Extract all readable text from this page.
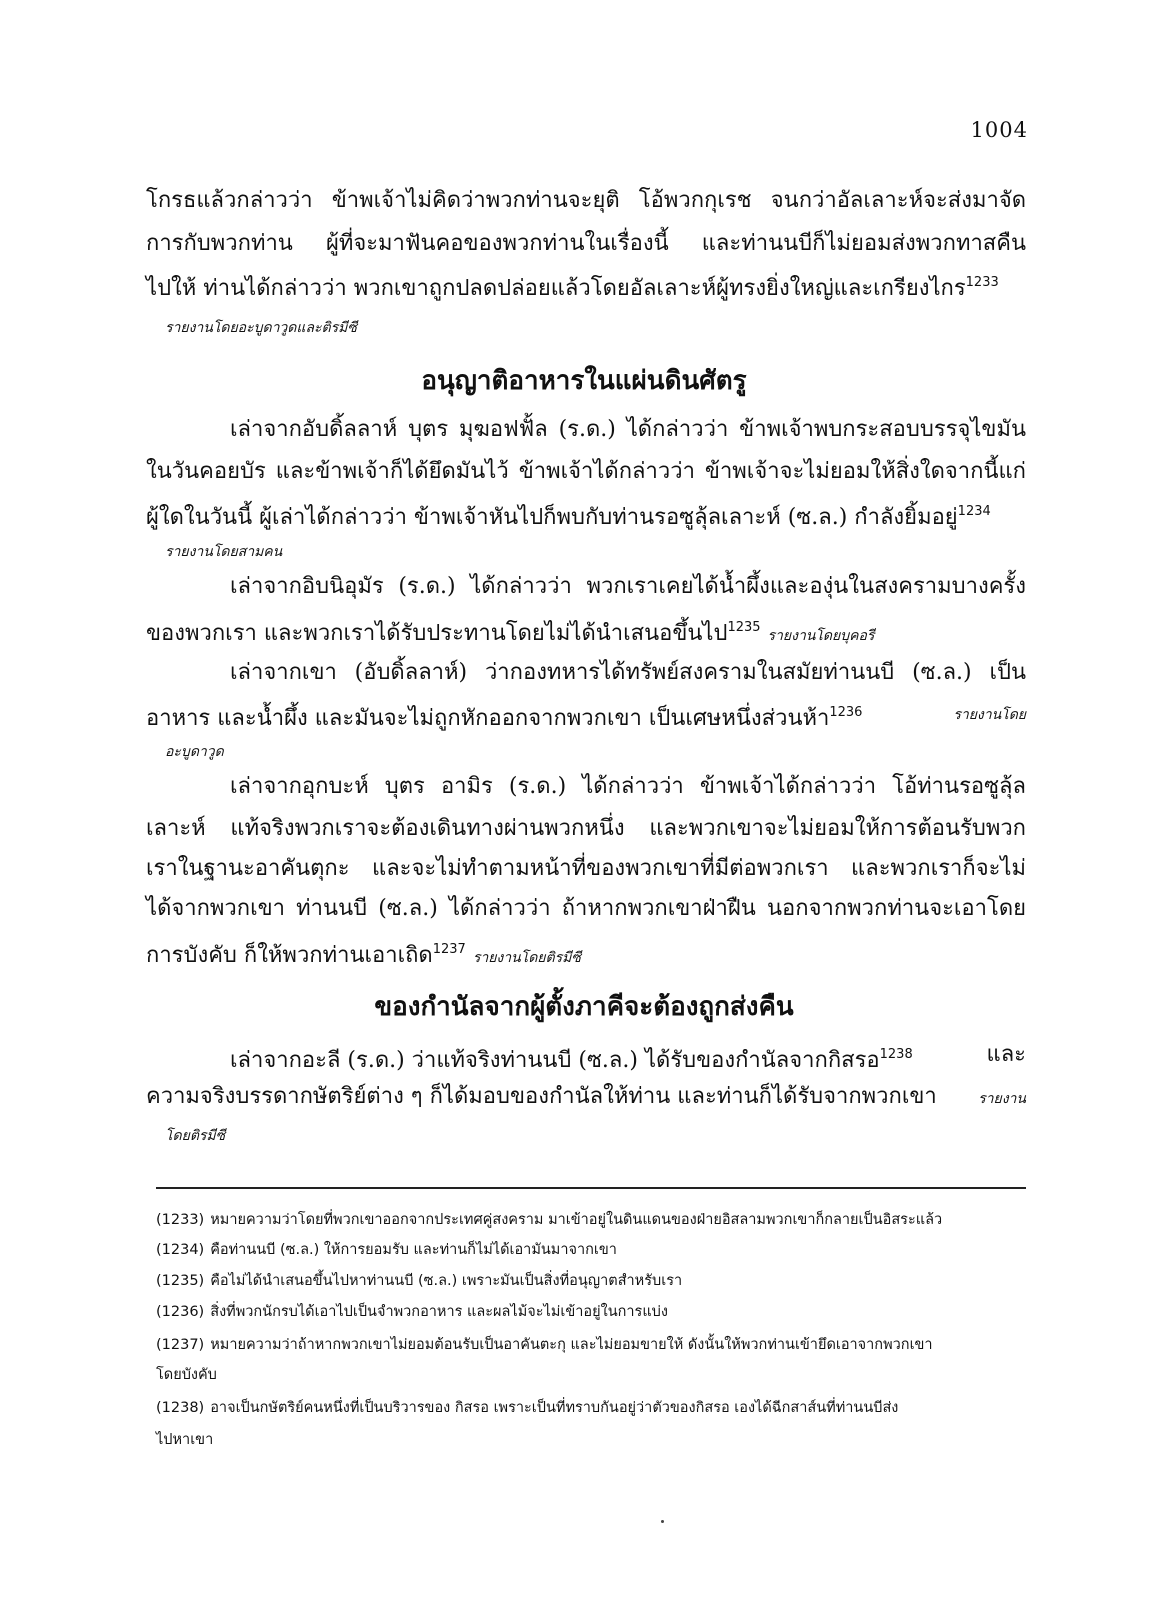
1004
โกรธแล้วกล่าวว่า ข้าพเจ้าไม่คิดว่าพวกท่านจะยุติ โอ้พวกกุเรช จนกว่าอัลเลาะห์จะส่งมาจัด
การกับพวกท่าน ผู้ที่จะมาฟันคอของพวกท่านในเรื่องนี้ และท่านนบีก็ไม่ยอมส่งพวกทาสคืน
ไปให้ ท่านได้กล่าวว่า พวกเขาถูกปลดปล่อยแล้วโดยอัลเลาะห์ผู้ทรงยิ่งใหญ่และเกรียงไกร$^{1233}$
รายงานโดยอะบูดาวูดและติรมีซี
อนุญาติอาหารในแผ่นดินศัตรู
เล่าจากอับดิ้ลลาห์ บุตร มุฆอฟฟั้ล (ร.ด.) ได้กล่าวว่า ข้าพเจ้าพบกระสอบบรรจุไขมัน
ในวันคอยบัร และข้าพเจ้าก็ได้ยึดมันไว้ ข้าพเจ้าได้กล่าวว่า ข้าพเจ้าจะไม่ยอมให้สิ่งใดจากนี้แก่
ผู้ใดในวันนี้ ผู้เล่าได้กล่าวว่า ข้าพเจ้าหันไปก็พบกับท่านรอซูลุ้ลเลาะห์ (ซ.ล.) กำลังยิ้มอยู่$^{1234}$
รายงานโดยสามคน
เล่าจากอิบนิอุมัร (ร.ด.) ได้กล่าวว่า พวกเราเคยได้น้ำผึ้งและองุ่นในสงครามบางครั้ง
ของพวกเรา และพวกเราได้รับประทานโดยไม่ได้นำเสนอขึ้นไป$^{1235}$ รายงานโดยบุคอรี
เล่าจากเขา (อับดิ้ลลาห์) ว่ากองทหารได้ทรัพย์สงครามในสมัยท่านนบี (ซ.ล.) เป็น
อาหาร และน้ำผึ้ง และมันจะไม่ถูกหักออกจากพวกเขา เป็นเศษหนึ่งส่วนห้า$^{1236}$	รายงานโดย
อะบูดาวูด
เล่าจากอุกบะห์ บุตร อามิร (ร.ด.) ได้กล่าวว่า ข้าพเจ้าได้กล่าวว่า โอ้ท่านรอซูลุ้ล
เลาะห์ แท้จริงพวกเราจะต้องเดินทางผ่านพวกหนึ่ง และพวกเขาจะไม่ยอมให้การต้อนรับพวก
เราในฐานะอาคันตุกะ และจะไม่ทำตามหน้าที่ของพวกเขาที่มีต่อพวกเรา และพวกเราก็จะไม่
ได้จากพวกเขา ท่านนบี (ซ.ล.) ได้กล่าวว่า ถ้าหากพวกเขาฝ่าฝืน นอกจากพวกท่านจะเอาโดย
การบังคับ ก็ให้พวกท่านเอาเถิด$^{1237}$ รายงานโดยติรมีซี
ของกำนัลจากผู้ตั้งภาคีจะต้องถูกส่งคืน
เล่าจากอะลี (ร.ด.) ว่าแท้จริงท่านนบี (ซ.ล.) ได้รับของกำนัลจากกิสรอ$^{1238}$	และ
ความจริงบรรดากษัตริย์ต่าง ๆ ก็ได้มอบของกำนัลให้ท่าน และท่านก็ได้รับจากพวกเขา	รายงาน
โดยติรมีซี
(1233) หมายความว่าโดยที่พวกเขาออกจากประเทศคู่สงคราม มาเข้าอยู่ในดินแดนของฝ่ายอิสลามพวกเขาก็กลายเป็นอิสระแล้ว
(1234) คือท่านนบี (ซ.ล.) ให้การยอมรับ และท่านก็ไม่ได้เอามันมาจากเขา
(1235) คือไม่ได้นำเสนอขึ้นไปหาท่านนบี (ซ.ล.) เพราะมันเป็นสิ่งที่อนุญาตสำหรับเรา
(1236) สิ่งที่พวกนักรบได้เอาไปเป็นจำพวกอาหาร และผลไม้จะไม่เข้าอยู่ในการแบ่ง
(1237) หมายความว่าถ้าหากพวกเขาไม่ยอมต้อนรับเป็นอาคันตะกุ และไม่ยอมขายให้ ดังนั้นให้พวกท่านเข้ายึดเอาจากพวกเขา
โดยบังคับ
(1238) อาจเป็นกษัตริย์คนหนึ่งที่เป็นบริวารของ กิสรอ เพราะเป็นที่ทราบกันอยู่ว่าตัวของกิสรอ เองได้ฉีกสาส์นที่ท่านนบีส่ง
ไปหาเขา
